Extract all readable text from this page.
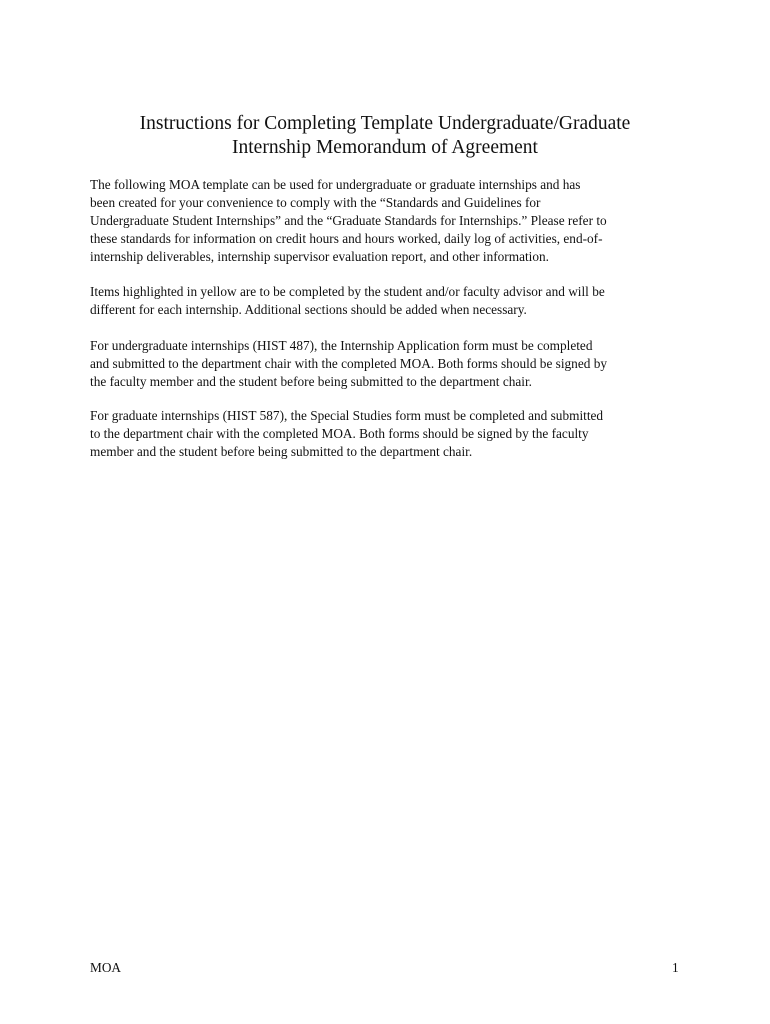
Instructions for Completing Template Undergraduate/Graduate
Internship Memorandum of Agreement
The following MOA template can be used for undergraduate or graduate internships and has
been created for your convenience to comply with the “Standards and Guidelines for
Undergraduate Student Internships” and the “Graduate Standards for Internships.” Please refer to
these standards for information on credit hours and hours worked, daily log of activities, end-of-
internship deliverables, internship supervisor evaluation report, and other information.
Items highlighted in yellow are to be completed by the student and/or faculty advisor and will be
different for each internship. Additional sections should be added when necessary.
For undergraduate internships (HIST 487), the Internship Application form must be completed
and submitted to the department chair with the completed MOA. Both forms should be signed by
the faculty member and the student before being submitted to the department chair.
For graduate internships (HIST 587), the Special Studies form must be completed and submitted
to the department chair with the completed MOA. Both forms should be signed by the faculty
member and the student before being submitted to the department chair.
MOA	1
